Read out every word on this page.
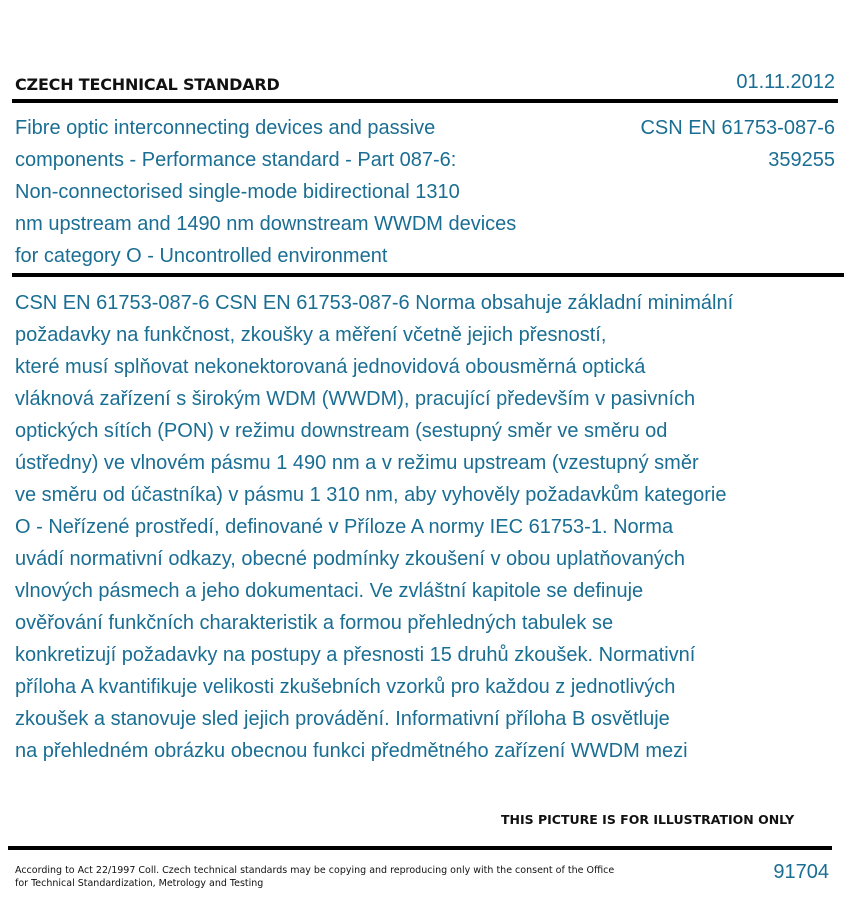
CZECH TECHNICAL STANDARD	01.11.2012
Fibre optic interconnecting devices and passive
components - Performance standard - Part 087-6:
Non-connectorised single-mode bidirectional 1310
nm upstream and 1490 nm downstream WWDM devices
for category O - Uncontrolled environment
CSN EN 61753-087-6
359255
CSN EN 61753-087-6 CSN EN 61753-087-6 Norma obsahuje základní minimální
požadavky na funkčnost, zkoušky a měření včetně jejich přesností,
které musí splňovat nekonektorovaná jednovidová obousměrná optická
vláknová zařízení s širokým WDM (WWDM), pracující především v pasivních
optických sítích (PON) v režimu downstream (sestupný směr ve směru od
ústředny) ve vlnovém pásmu 1 490 nm a v režimu upstream (vzestupný směr
ve směru od účastníka) v pásmu 1 310 nm, aby vyhověly požadavkům kategorie
O - Neřízené prostředí, definované v Příloze A normy IEC 61753-1. Norma
uvádí normativní odkazy, obecné podmínky zkoušení v obou uplatňovaných
vlnových pásmech a jeho dokumentaci. Ve zvláštní kapitole se definuje
ověřování funkčních charakteristik a formou přehledných tabulek se
konkretizují požadavky na postupy a přesnosti 15 druhů zkoušek. Normativní
příloha A kvantifikuje velikosti zkušebních vzorků pro každou z jednotlivých
zkoušek a stanovuje sled jejich provádění. Informativní příloha B osvětluje
na přehledném obrázku obecnou funkci předmětného zařízení WWDM mezi
THIS PICTURE IS FOR ILLUSTRATION ONLY
According to Act 22/1997 Coll. Czech technical standards may be copying and reproducing only with the consent of the Office
for Technical Standardization, Metrology and Testing
91704
